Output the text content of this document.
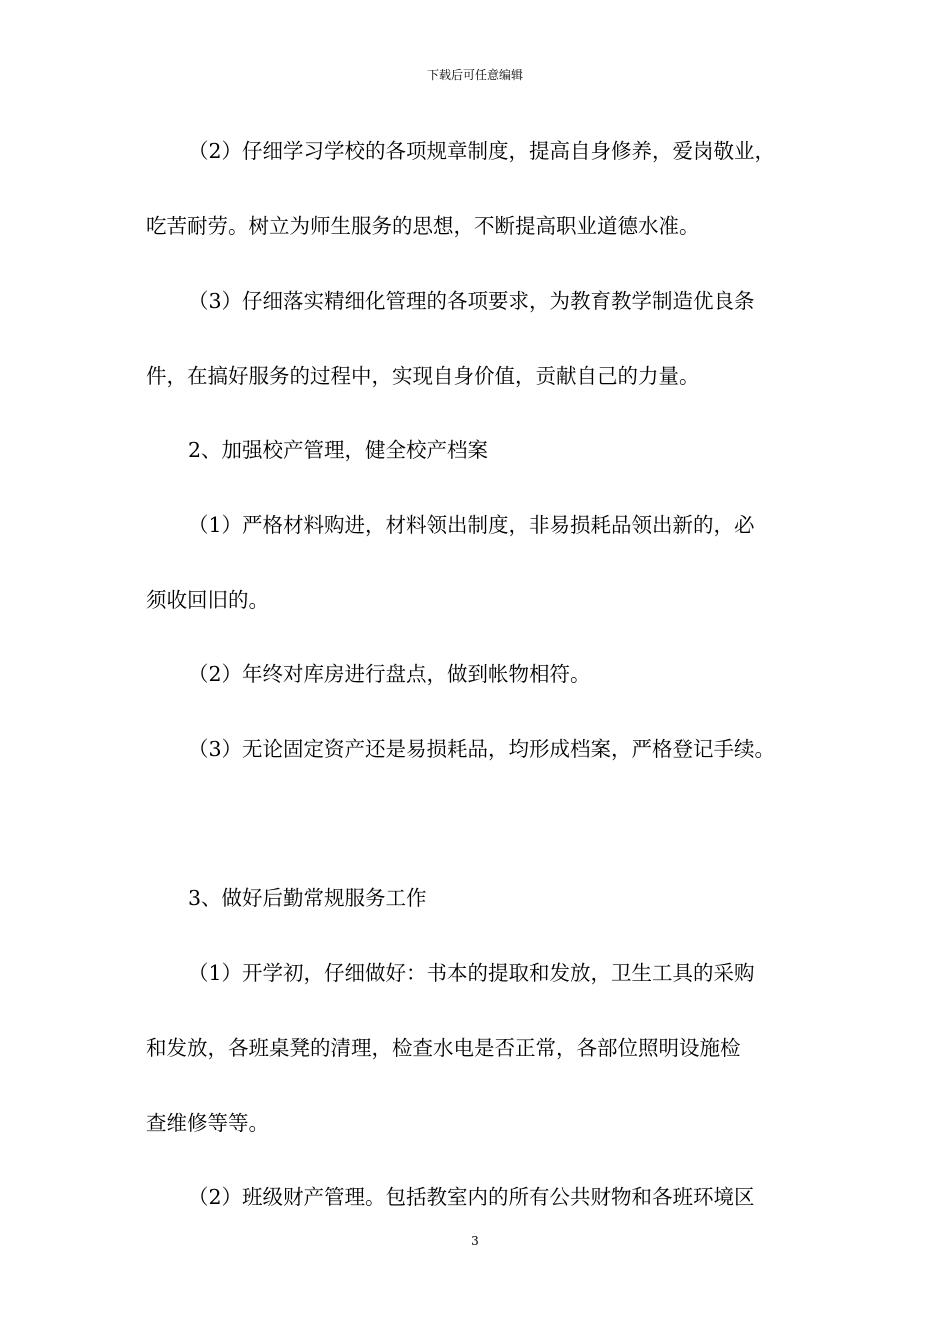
下载后可任意编辑
（2）仔细学习学校的各项规章制度，提高自身修养，爱岗敬业，
吃苦耐劳。树立为师生服务的思想，不断提高职业道德水准。
（3）仔细落实精细化管理的各项要求，为教育教学制造优良条
件，在搞好服务的过程中，实现自身价值，贡献自己的力量。
2、加强校产管理，健全校产档案
（1）严格材料购进，材料领出制度，非易损耗品领出新的，必
须收回旧的。
（2）年终对库房进行盘点，做到帐物相符。
（3）无论固定资产还是易损耗品，均形成档案，严格登记手续。
3、做好后勤常规服务工作
（1）开学初，仔细做好：书本的提取和发放，卫生工具的采购
和发放，各班桌凳的清理，检查水电是否正常，各部位照明设施检
查维修等等。
（2）班级财产管理。包括教室内的所有公共财物和各班环境区
3
